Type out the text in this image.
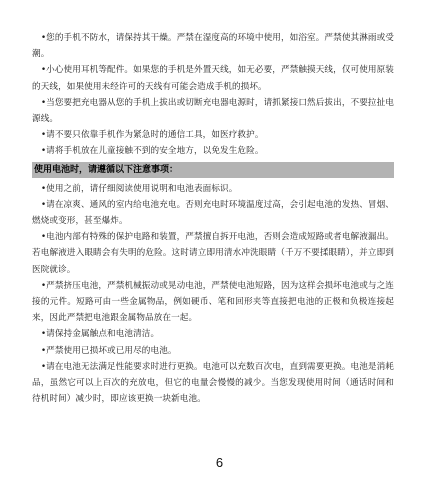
•您的手机不防水，请保持其干燥。严禁在湿度高的环境中使用，如浴室。严禁使其淋雨或受潮。

•小心使用耳机等配件。如果您的手机是外置天线，如无必要，严禁触摸天线，仅可使用原装的天线，如果使用未经许可的天线有可能会造成手机的损坏。

•当您要把充电器从您的手机上拔出或切断充电器电源时，请抓紧接口然后拔出，不要拉扯电源线。

•请不要只依靠手机作为紧急时的通信工具，如医疗救护。

•请将手机放在儿童接触不到的安全地方，以免发生危险。

使用电池时，请遵循以下注意事项：

•使用之前，请仔细阅读使用说明和电池表面标识。

•请在凉爽、通风的室内给电池充电。否则充电时环境温度过高，会引起电池的发热、冒烟、燃烧或变形，甚至爆炸。

•电池内部有特殊的保护电路和装置，严禁擅自拆开电池，否则会造成短路或者电解液漏出。若电解液进入眼睛会有失明的危险。这时请立即用清水冲洗眼睛（千万不要揉眼睛），并立即到医院就诊。

•严禁挤压电池，严禁机械振动或晃动电池，严禁使电池短路，因为这样会损坏电池或与之连接的元件。短路可由一些金属物品，例如硬币、笔和回形夹等直接把电池的正极和负极连接起来，因此严禁把电池跟金属物品放在一起。

•请保持金属触点和电池清洁。

•严禁使用已损坏或已用尽的电池。

•请在电池无法满足性能要求时进行更换。电池可以充数百次电，直到需要更换。电池是消耗品，虽然它可以上百次的充放电，但它的电量会慢慢的减少。当您发现使用时间（通话时间和待机时间）减少时，即应该更换一块新电池。

6
